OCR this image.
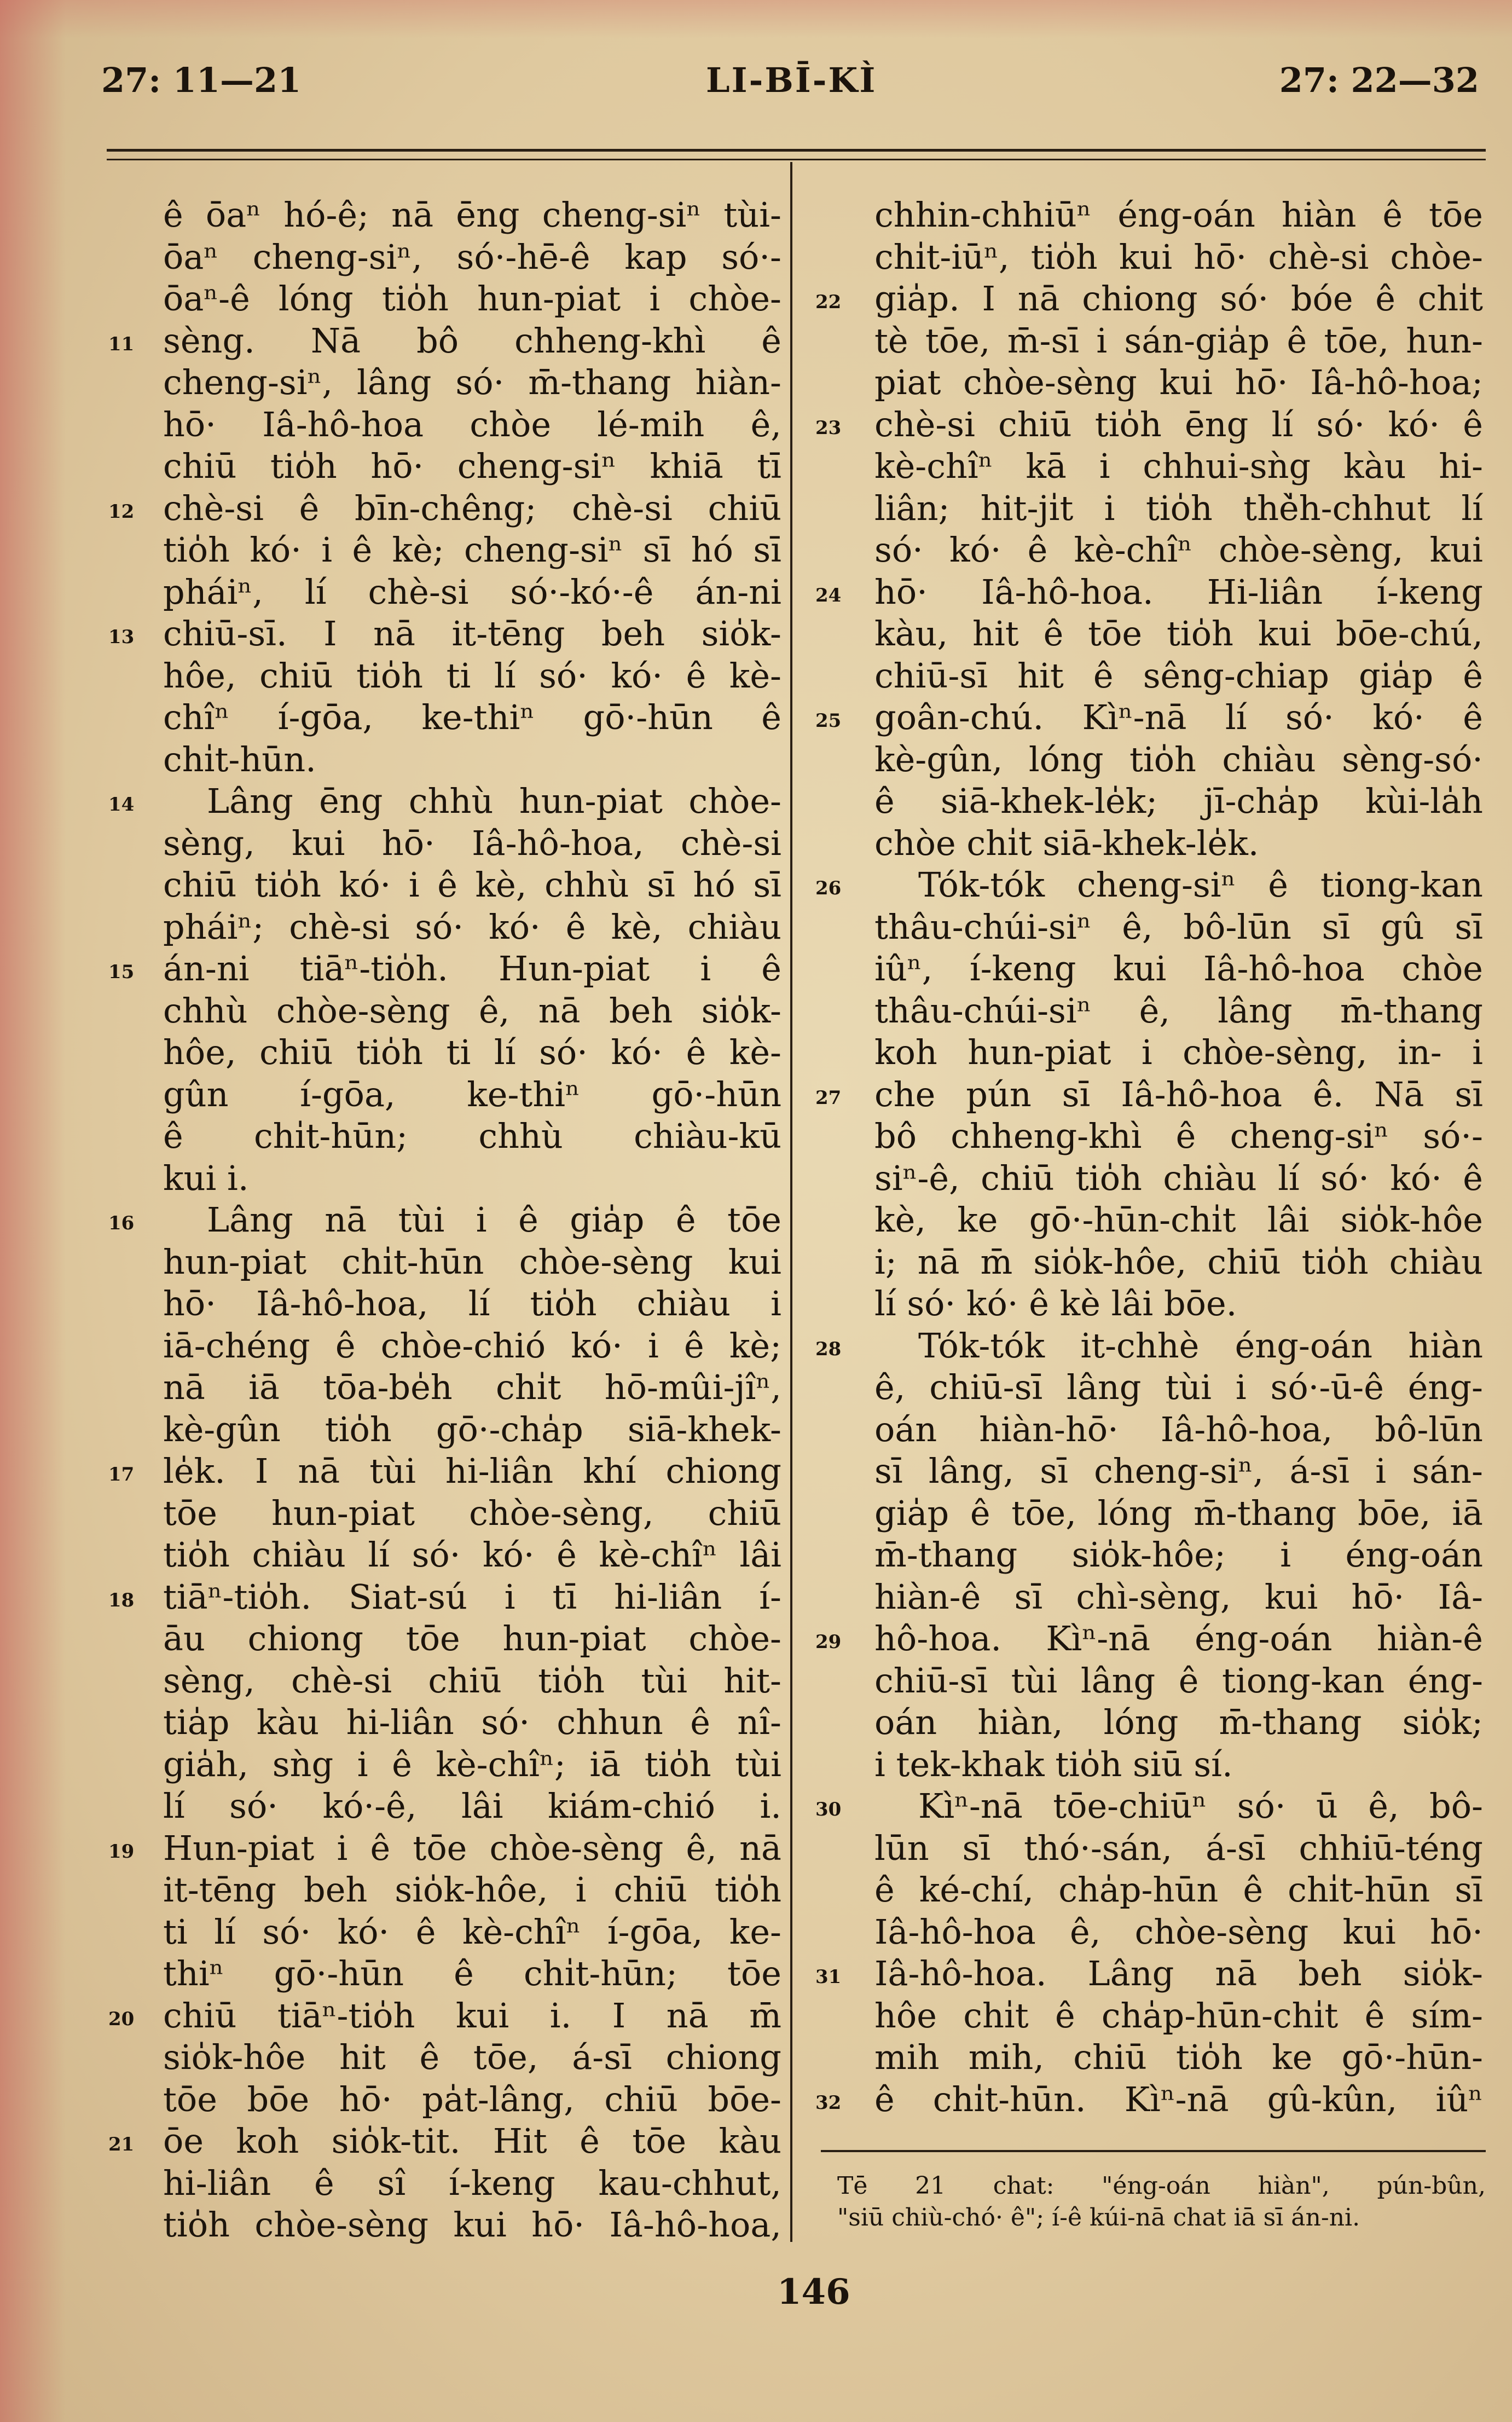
27: 11—21	LI-BĪ-KÌ	27: 22—32
ê ōaⁿ hó-ê; nā ēng cheng-siⁿ tùi-
ōaⁿ cheng-siⁿ, só·-hē-ê kap só·-
ōaⁿ-ê lóng tio̍h hun-piat i chòe-
11 sèng. Nā bô chheng-khì ê
cheng-siⁿ, lâng só· m̄-thang hiàn-
hō· Iâ-hô-hoa chòe lé-mih ê,
chiū tio̍h hō· cheng-siⁿ khiā tī
12 chè-si ê bīn-chêng; chè-si chiū
tio̍h kó· i ê kè; cheng-siⁿ sī hó sī
pháiⁿ, lí chè-si só·-kó·-ê án-ni
13 chiū-sī. I nā it-tēng beh sio̍k-
hôe, chiū tio̍h ti lí só· kó· ê kè-
chîⁿ í-gōa, ke-thiⁿ gō·-hūn ê
chi̍t-hūn.
14 Lâng ēng chhù hun-piat chòe-
sèng, kui hō· Iâ-hô-hoa, chè-si
chiū tio̍h kó· i ê kè, chhù sī hó sī
pháiⁿ; chè-si só· kó· ê kè, chiàu
15 án-ni tiāⁿ-tio̍h. Hun-piat i ê
chhù chòe-sèng ê, nā beh sio̍k-
hôe, chiū tio̍h ti lí só· kó· ê kè-
gûn í-gōa, ke-thiⁿ gō·-hūn
ê chi̍t-hūn; chhù chiàu-kū
kui i.
16 Lâng nā tùi i ê gia̍p ê tōe
hun-piat chi̍t-hūn chòe-sèng kui
hō· Iâ-hô-hoa, lí tio̍h chiàu i
iā-chéng ê chòe-chió kó· i ê kè;
nā iā tōa-be̍h chi̍t hō-mûi-jîⁿ,
kè-gûn tio̍h gō·-cha̍p siā-khek-
17 le̍k. I nā tùi hi-liân khí chiong
tōe hun-piat chòe-sèng, chiū
tio̍h chiàu lí só· kó· ê kè-chîⁿ lâi
18 tiāⁿ-tio̍h. Siat-sú i tī hi-liân í-
āu chiong tōe hun-piat chòe-
sèng, chè-si chiū tio̍h tùi hit-
tia̍p kàu hi-liân só· chhun ê nî-
gia̍h, sǹg i ê kè-chîⁿ; iā tio̍h tùi
lí só· kó·-ê, lâi kiám-chió i.
19 Hun-piat i ê tōe chòe-sèng ê, nā
it-tēng beh sio̍k-hôe, i chiū tio̍h
ti lí só· kó· ê kè-chîⁿ í-gōa, ke-
thiⁿ gō·-hūn ê chi̍t-hūn; tōe
20 chiū tiāⁿ-tio̍h kui i. I nā m̄
sio̍k-hôe hit ê tōe, á-sī chiong
tōe bōe hō· pa̍t-lâng, chiū bōe-
21 ōe koh sio̍k-tit. Hit ê tōe kàu
hi-liân ê sî í-keng kau-chhut,
tio̍h chòe-sèng kui hō· Iâ-hô-hoa,
chhin-chhiūⁿ éng-oán hiàn ê tōe
chi̍t-iūⁿ, tio̍h kui hō· chè-si chòe-
22 gia̍p. I nā chiong só· bóe ê chi̍t
tè tōe, m̄-sī i sán-gia̍p ê tōe, hun-
piat chòe-sèng kui hō· Iâ-hô-hoa;
23 chè-si chiū tio̍h ēng lí só· kó· ê
kè-chîⁿ kā i chhui-sǹg kàu hi-
liân; hit-ji̍t i tio̍h thè̍h-chhut lí
só· kó· ê kè-chîⁿ chòe-sèng, kui
24 hō· Iâ-hô-hoa. Hi-liân í-keng
kàu, hit ê tōe tio̍h kui bōe-chú,
chiū-sī hit ê sêng-chiap gia̍p ê
25 goân-chú. Kìⁿ-nā lí só· kó· ê
kè-gûn, lóng tio̍h chiàu sèng-só·
ê siā-khek-le̍k; jī-cha̍p kùi-la̍h
chòe chi̍t siā-khek-le̍k.
26 Tók-tók cheng-siⁿ ê tiong-kan
thâu-chúi-siⁿ ê, bô-lūn sī gû sī
iûⁿ, í-keng kui Iâ-hô-hoa chòe
thâu-chúi-siⁿ ê, lâng m̄-thang
koh hun-piat i chòe-sèng, in- i
27 che pún sī Iâ-hô-hoa ê. Nā sī
bô chheng-khì ê cheng-siⁿ só·-
siⁿ-ê, chiū tio̍h chiàu lí só· kó· ê
kè, ke gō·-hūn-chi̍t lâi sio̍k-hôe
i; nā m̄ sio̍k-hôe, chiū tio̍h chiàu
lí só· kó· ê kè lâi bōe.
28 Tók-tók it-chhè éng-oán hiàn
ê, chiū-sī lâng tùi i só·-ū-ê éng-
oán hiàn-hō· Iâ-hô-hoa, bô-lūn
sī lâng, sī cheng-siⁿ, á-sī i sán-
gia̍p ê tōe, lóng m̄-thang bōe, iā
m̄-thang sio̍k-hôe; i éng-oán
hiàn-ê sī chì-sèng, kui hō· Iâ-
29 hô-hoa. Kìⁿ-nā éng-oán hiàn-ê
chiū-sī tùi lâng ê tiong-kan éng-
oán hiàn, lóng m̄-thang sio̍k;
i tek-khak tio̍h siū sí.
30 Kìⁿ-nā tōe-chiūⁿ só· ū ê, bô-
lūn sī thó·-sán, á-sī chhiū-téng
ê ké-chí, cha̍p-hūn ê chi̍t-hūn sī
Iâ-hô-hoa ê, chòe-sèng kui hō·
31 Iâ-hô-hoa. Lâng nā beh sio̍k-
hôe chi̍t ê cha̍p-hūn-chi̍t ê sím-
mih mih, chiū tio̍h ke gō·-hūn-
32 ê chi̍t-hūn. Kìⁿ-nā gû-kûn, iûⁿ
Tē 21 chat: "éng-oán hiàn", pún-bûn,
"siū chiù-chó· ê"; í-ê kúi-nā chat iā sī án-ni.
146
